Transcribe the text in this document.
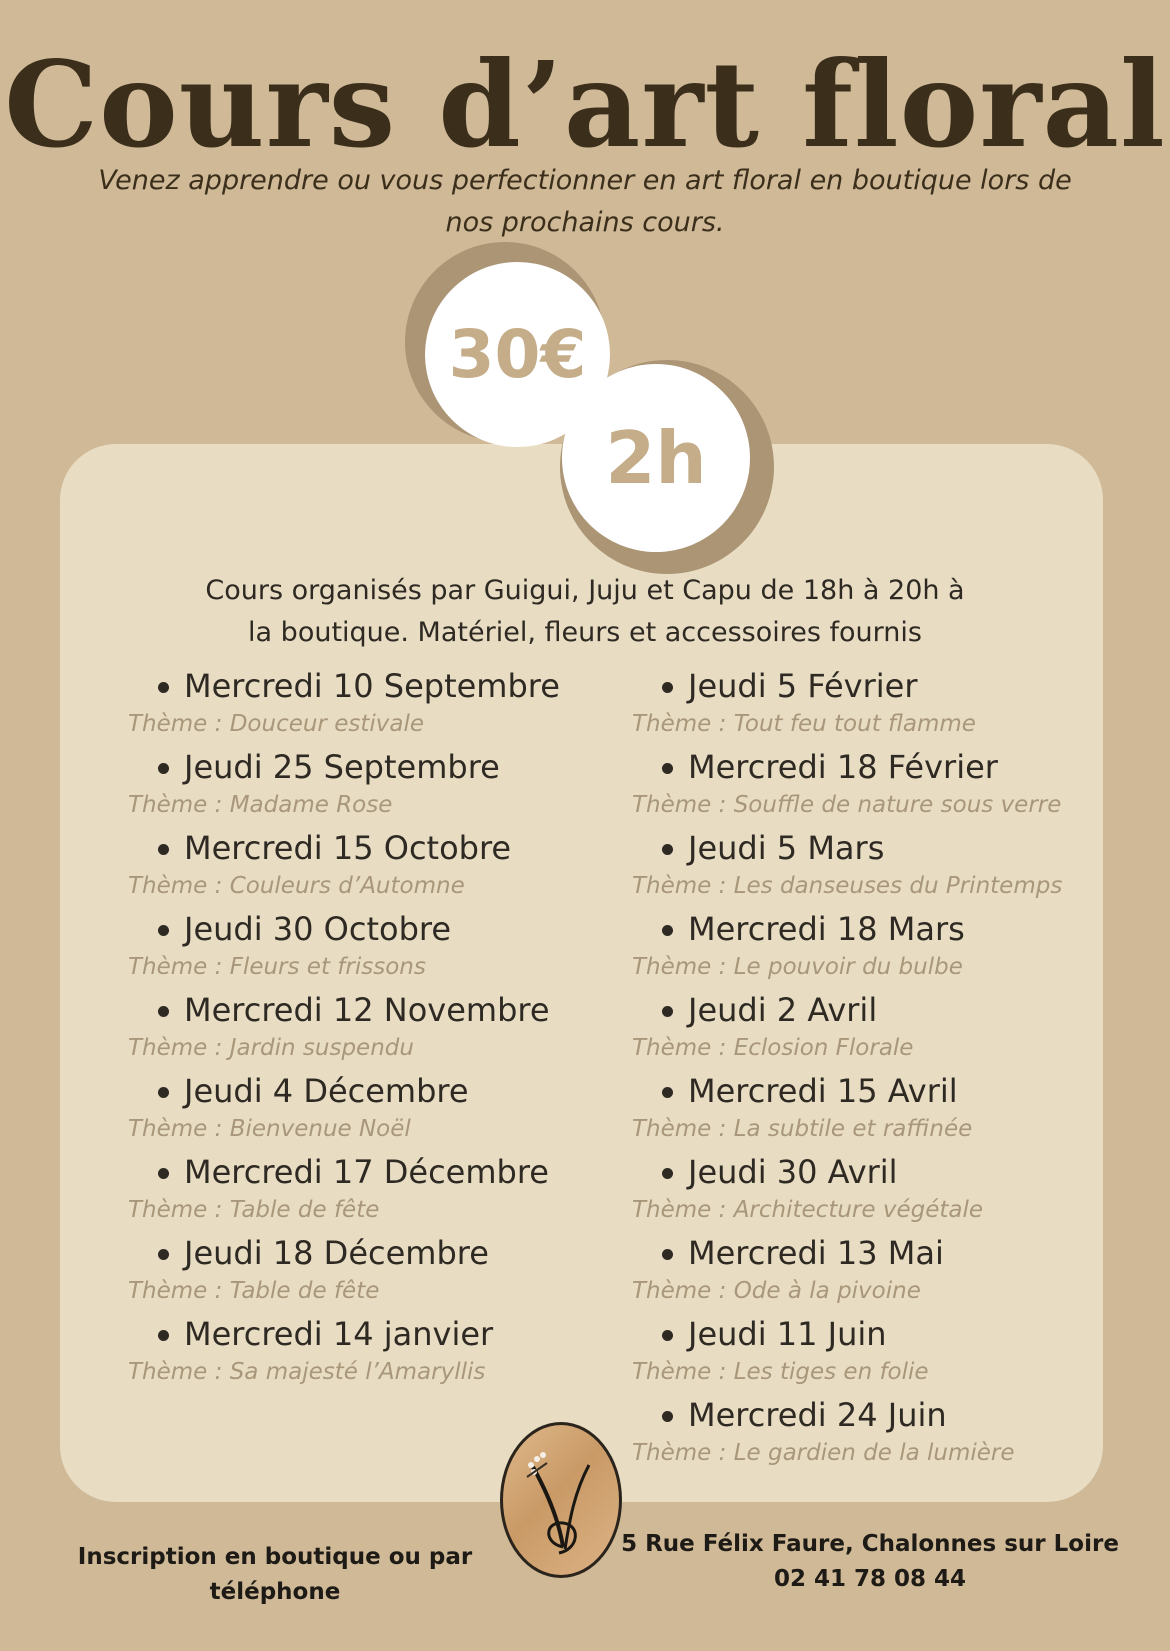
Cours d’art floral

Venez apprendre ou vous perfectionner en art floral en boutique lors de nos prochains cours.

30€
2h

Cours organisés par Guigui, Juju et Capu de 18h à 20h à
la boutique. Matériel, fleurs et accessoires fournis

Mercredi 10 Septembre
Thème : Douceur estivale
Jeudi 25 Septembre
Thème : Madame Rose
Mercredi 15 Octobre
Thème : Couleurs d’Automne
Jeudi 30 Octobre
Thème : Fleurs et frissons
Mercredi 12 Novembre
Thème : Jardin suspendu
Jeudi 4 Décembre
Thème : Bienvenue Noël
Mercredi 17 Décembre
Thème : Table de fête
Jeudi 18 Décembre
Thème : Table de fête
Mercredi 14 janvier
Thème : Sa majesté l’Amaryllis
Jeudi 5 Février
Thème : Tout feu tout flamme
Mercredi 18 Février
Thème : Souffle de nature sous verre
Jeudi 5 Mars
Thème : Les danseuses du Printemps
Mercredi 18 Mars
Thème : Le pouvoir du bulbe
Jeudi 2 Avril
Thème : Eclosion Florale
Mercredi 15 Avril
Thème : La subtile et raffinée
Jeudi 30 Avril
Thème : Architecture végétale
Mercredi 13 Mai
Thème : Ode à la pivoine
Jeudi 11 Juin
Thème : Les tiges en folie
Mercredi 24 Juin
Thème : Le gardien de la lumière
Inscription en boutique ou par
téléphone
5 Rue Félix Faure, Chalonnes sur Loire
02 41 78 08 44
